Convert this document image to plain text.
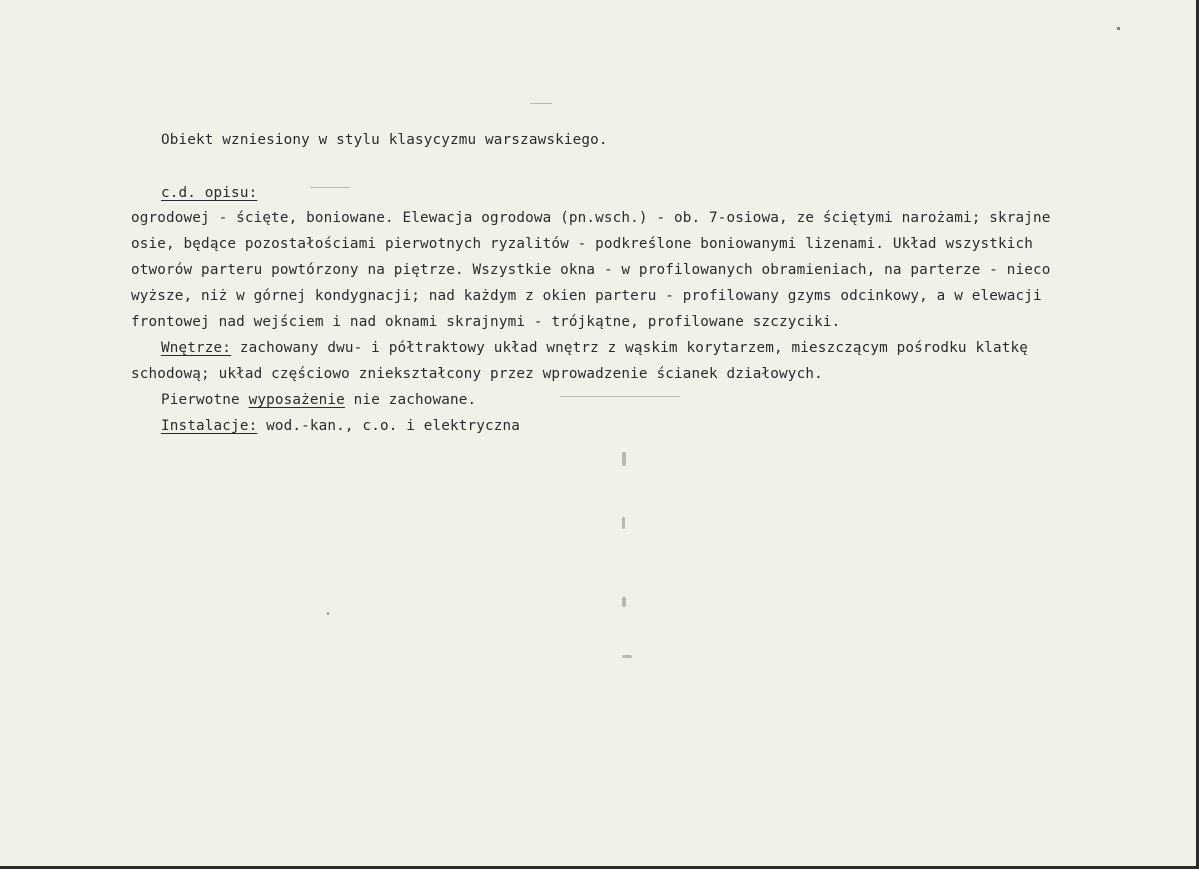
Obiekt wzniesiony w stylu klasycyzmu warszawskiego.
c.d. opisu:
ogrodowej - ścięte, boniowane. Elewacja ogrodowa (pn.wsch.) - ob. 7-osiowa, ze ściętymi narożami; skrajne
osie, będące pozostałościami pierwotnych ryzalitów - podkreślone boniowanymi lizenami. Układ wszystkich
otworów parteru powtórzony na piętrze. Wszystkie okna - w profilowanych obramieniach, na parterze - nieco
wyższe, niż w górnej kondygnacji; nad każdym z okien parteru - profilowany gzyms odcinkowy, a w elewacji
frontowej nad wejściem i nad oknami skrajnymi - trójkątne, profilowane szczyciki.
Wnętrze: zachowany dwu- i półtraktowy układ wnętrz z wąskim korytarzem, mieszczącym pośrodku klatkę
schodową; układ częściowo zniekształcony przez wprowadzenie ścianek działowych.
Pierwotne wyposażenie nie zachowane.
Instalacje: wod.-kan., c.o. i elektryczna
